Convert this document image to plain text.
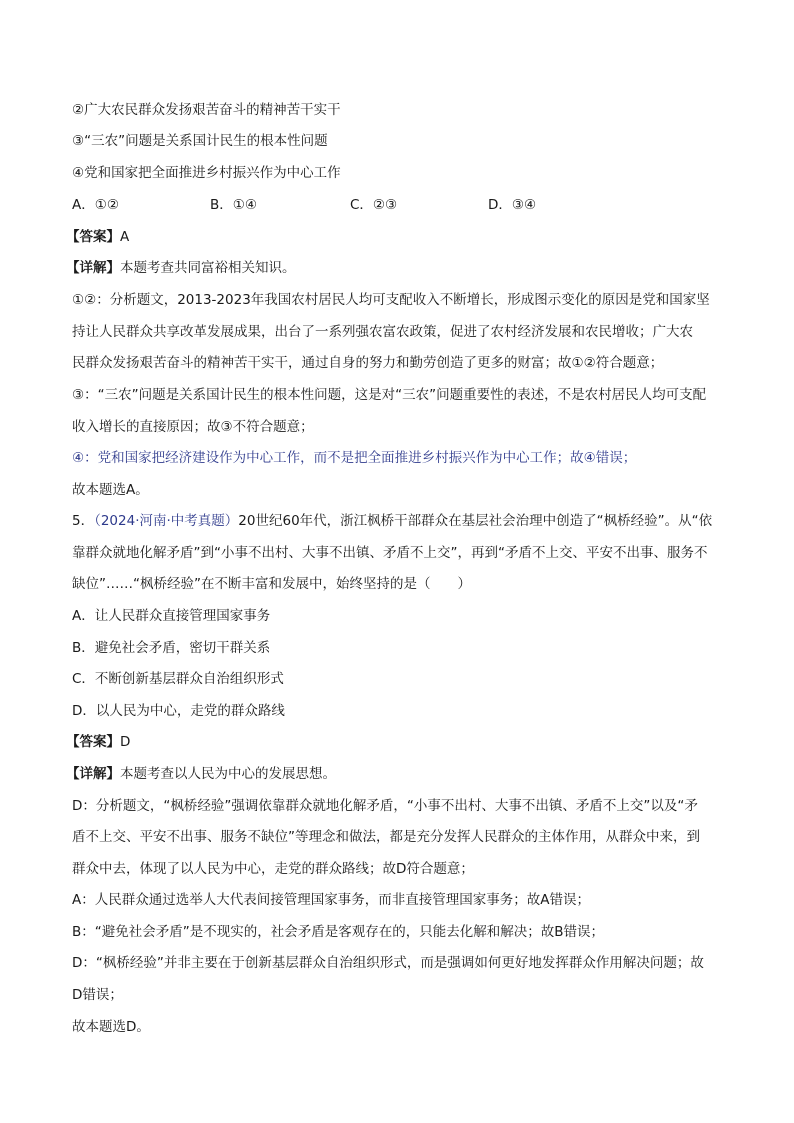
②广大农民群众发扬艰苦奋斗的精神苦干实干
③“三农”问题是关系国计民生的根本性问题
④党和国家把全面推进乡村振兴作为中心工作
A．①②	B．①④	C．②③	D．③④
【答案】A
【详解】本题考查共同富裕相关知识。
①②：分析题文，2013-2023年我国农村居民人均可支配收入不断增长，形成图示变化的原因是党和国家坚
持让人民群众共享改革发展成果，出台了一系列强农富农政策，促进了农村经济发展和农民增收；广大农
民群众发扬艰苦奋斗的精神苦干实干，通过自身的努力和勤劳创造了更多的财富；故①②符合题意；
③：“三农”问题是关系国计民生的根本性问题，这是对“三农”问题重要性的表述，不是农村居民人均可支配
收入增长的直接原因；故③不符合题意；
④：党和国家把经济建设作为中心工作，而不是把全面推进乡村振兴作为中心工作；故④错误；
故本题选A。
5．（2024·河南·中考真题）20世纪60年代，浙江枫桥干部群众在基层社会治理中创造了“枫桥经验”。从“依
靠群众就地化解矛盾”到“小事不出村、大事不出镇、矛盾不上交”，再到“矛盾不上交、平安不出事、服务不
缺位”……“枫桥经验”在不断丰富和发展中，始终坚持的是（　　）
A．让人民群众直接管理国家事务
B．避免社会矛盾，密切干群关系
C．不断创新基层群众自治组织形式
D．以人民为中心，走党的群众路线
【答案】D
【详解】本题考查以人民为中心的发展思想。
D：分析题文，“枫桥经验”强调依靠群众就地化解矛盾，“小事不出村、大事不出镇、矛盾不上交”以及“矛
盾不上交、平安不出事、服务不缺位”等理念和做法，都是充分发挥人民群众的主体作用，从群众中来，到
群众中去，体现了以人民为中心，走党的群众路线；故D符合题意；
A：人民群众通过选举人大代表间接管理国家事务，而非直接管理国家事务；故A错误；
B：“避免社会矛盾”是不现实的，社会矛盾是客观存在的，只能去化解和解决；故B错误；
D：“枫桥经验”并非主要在于创新基层群众自治组织形式，而是强调如何更好地发挥群众作用解决问题；故
D错误；
故本题选D。
